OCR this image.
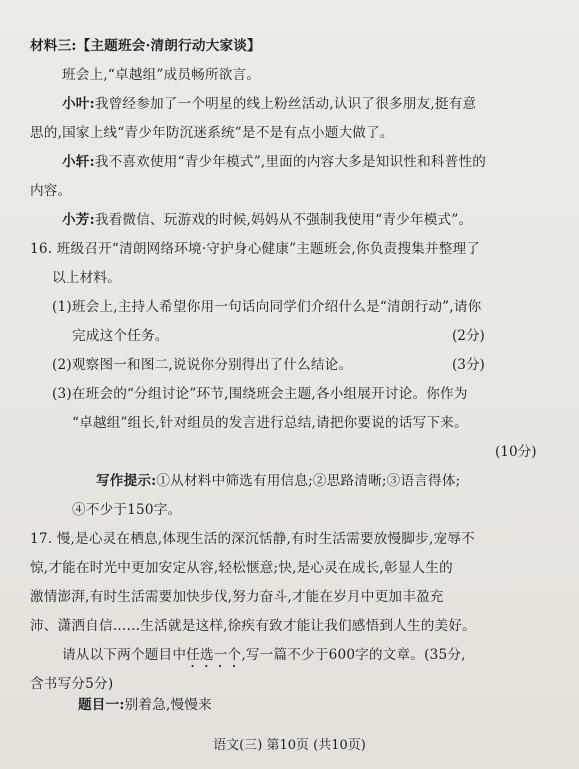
材料三:【主题班会·清朗行动大家谈】
班会上,“卓越组”成员畅所欲言。
小叶:我曾经参加了一个明星的线上粉丝活动,认识了很多朋友,挺有意
思的,国家上线“青少年防沉迷系统”是不是有点小题大做了。
小轩:我不喜欢使用“青少年模式”,里面的内容大多是知识性和科普性的
内容。
小芳:我看微信、玩游戏的时候,妈妈从不强制我使用“青少年模式”。
16. 班级召开“清朗网络环境·守护身心健康”主题班会,你负责搜集并整理了
以上材料。
(1)班会上,主持人希望你用一句话向同学们介绍什么是“清朗行动”,请你
完成这个任务。	(2分)
(2)观察图一和图二,说说你分别得出了什么结论。	(3分)
(3)在班会的“分组讨论”环节,围绕班会主题,各小组展开讨论。你作为
“卓越组”组长,针对组员的发言进行总结,请把你要说的话写下来。
(10分)
写作提示:①从材料中筛选有用信息;②思路清晰;③语言得体;
④不少于150字。
17. 慢,是心灵在栖息,体现生活的深沉恬静,有时生活需要放慢脚步,宠辱不
惊,才能在时光中更加安定从容,轻松惬意;快,是心灵在成长,彰显人生的
激情澎湃,有时生活需要加快步伐,努力奋斗,才能在岁月中更加丰盈充
沛、潇洒自信……生活就是这样,徐疾有致才能让我们感悟到人生的美好。
请从以下两个题目中任选一个,写一篇不少于600字的文章。(35分,
含书写分5分)
题目一:别着急,慢慢来
语文(三) 第10页 (共10页)
